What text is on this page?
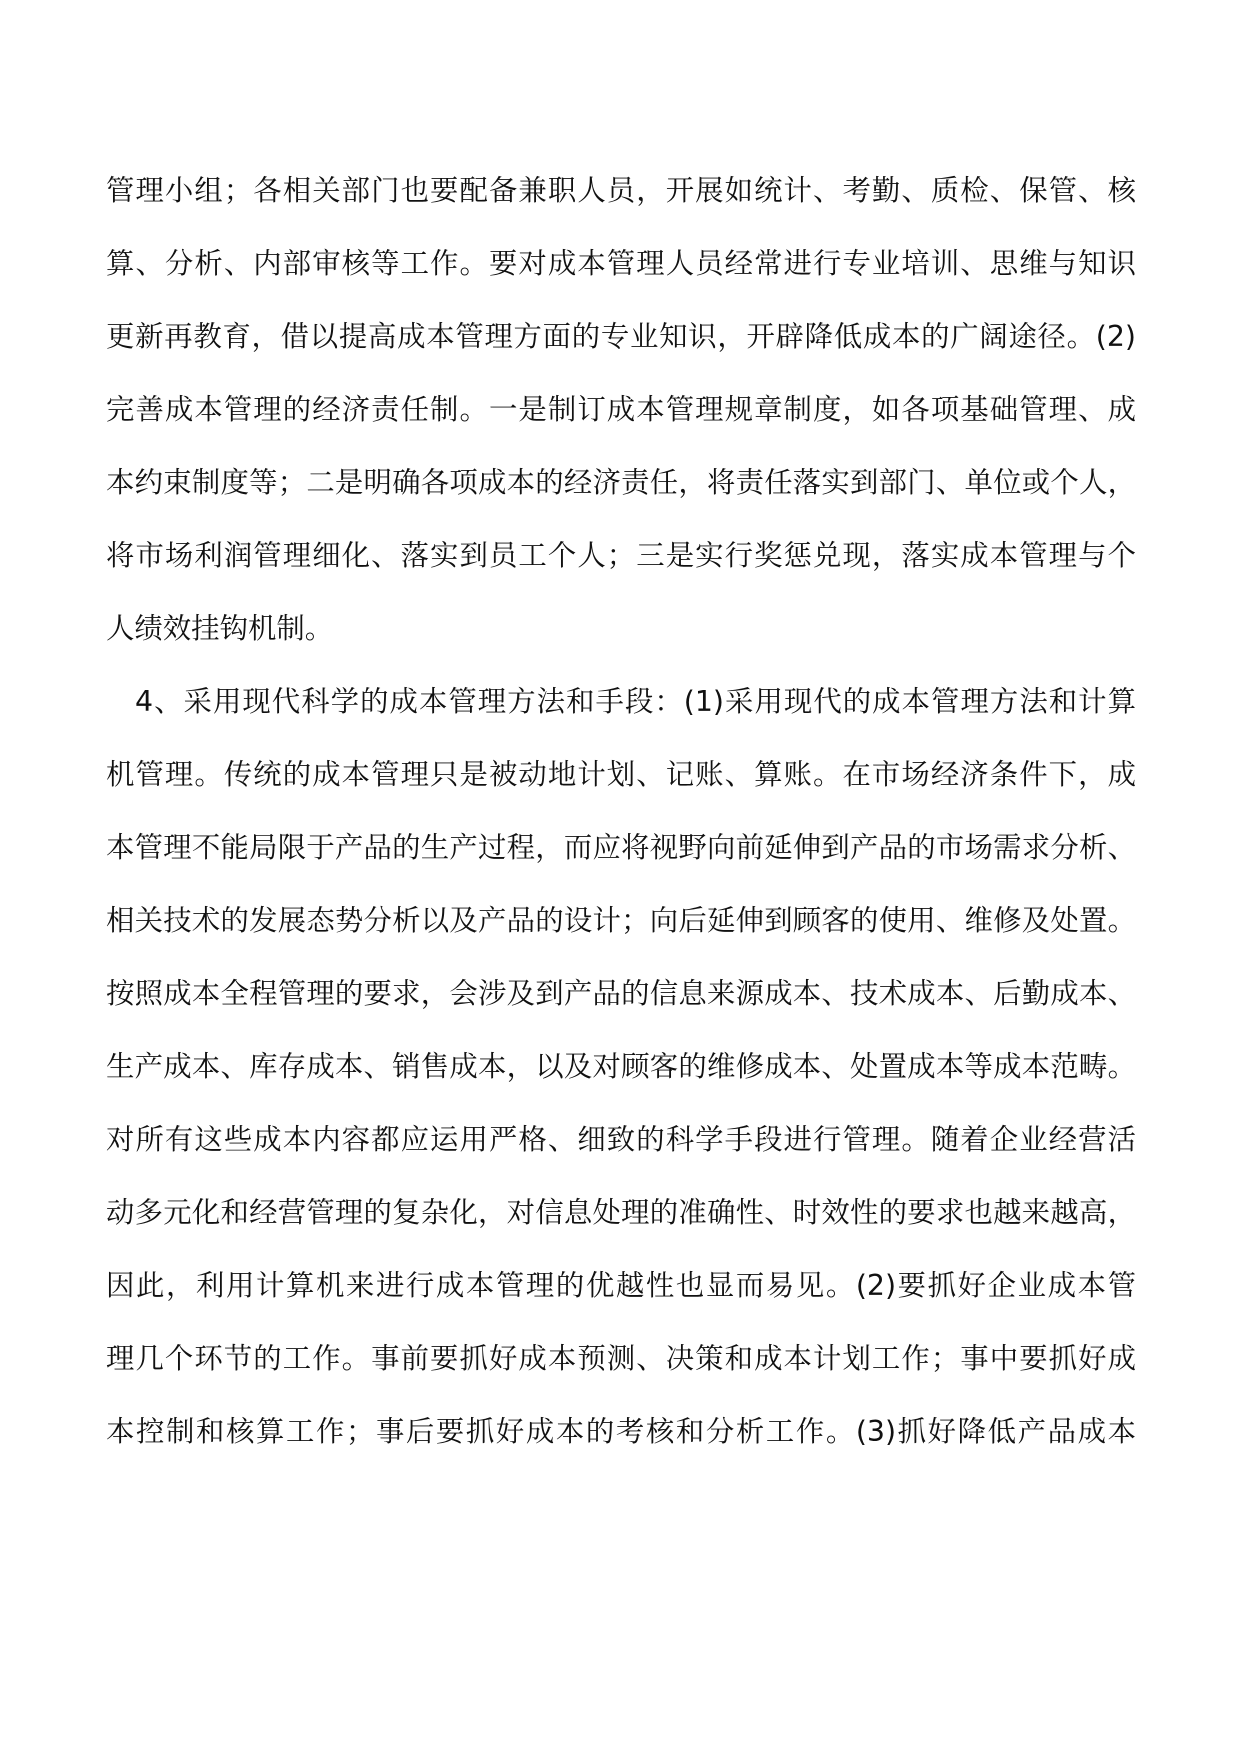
管理小组；各相关部门也要配备兼职人员，开展如统计、考勤、质检、保管、核
算、分析、内部审核等工作。要对成本管理人员经常进行专业培训、思维与知识
更新再教育，借以提高成本管理方面的专业知识，开辟降低成本的广阔途径。(2)
完善成本管理的经济责任制。一是制订成本管理规章制度，如各项基础管理、成
本约束制度等；二是明确各项成本的经济责任，将责任落实到部门、单位或个人，
将市场利润管理细化、落实到员工个人；三是实行奖惩兑现，落实成本管理与个
人绩效挂钩机制。
4、采用现代科学的成本管理方法和手段：(1)采用现代的成本管理方法和计算
机管理。传统的成本管理只是被动地计划、记账、算账。在市场经济条件下，成
本管理不能局限于产品的生产过程，而应将视野向前延伸到产品的市场需求分析、
相关技术的发展态势分析以及产品的设计；向后延伸到顾客的使用、维修及处置。
按照成本全程管理的要求，会涉及到产品的信息来源成本、技术成本、后勤成本、
生产成本、库存成本、销售成本，以及对顾客的维修成本、处置成本等成本范畴。
对所有这些成本内容都应运用严格、细致的科学手段进行管理。随着企业经营活
动多元化和经营管理的复杂化，对信息处理的准确性、时效性的要求也越来越高，
因此，利用计算机来进行成本管理的优越性也显而易见。(2)要抓好企业成本管
理几个环节的工作。事前要抓好成本预测、决策和成本计划工作；事中要抓好成
本控制和核算工作；事后要抓好成本的考核和分析工作。(3)抓好降低产品成本
